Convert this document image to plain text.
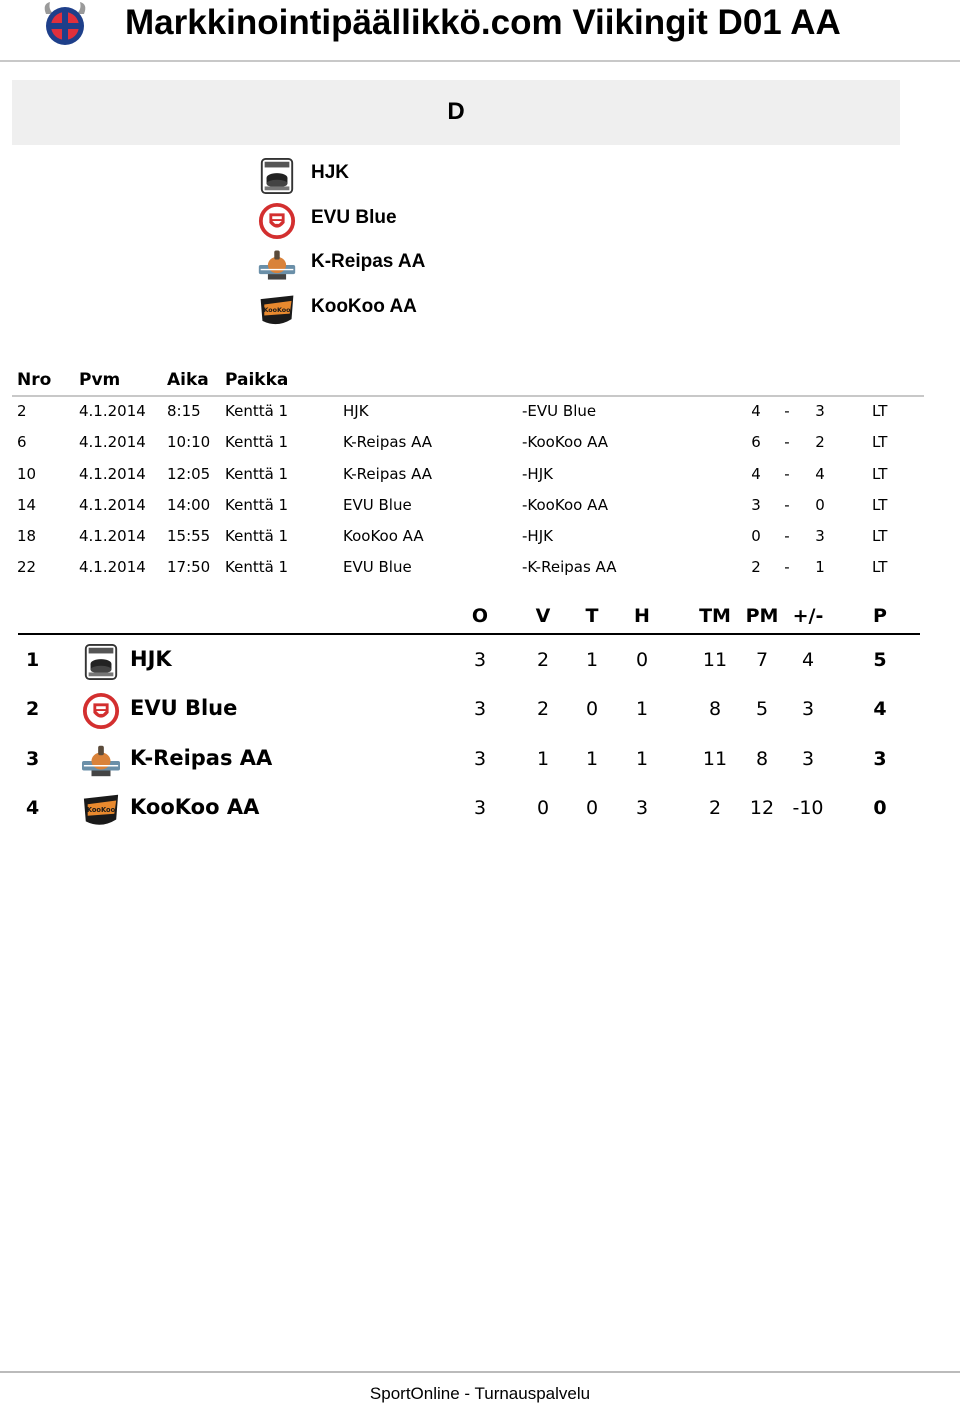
Markkinointipäällikkö.com Viikingit D01 AA
D
HJK
EVU Blue
K-Reipas AA
KooKoo AA
Nro Pvm	Aika Paikka
2	4.1.2014 8:15 Kenttä 1	HJK	-EVU Blue	4 - 3	LT
6	4.1.2014 10:10 Kenttä 1	K-Reipas AA	-KooKoo AA	6 - 2	LT
10	4.1.2014 12:05 Kenttä 1	K-Reipas AA	-HJK	4 - 4	LT
14	4.1.2014 14:00 Kenttä 1	EVU Blue	-KooKoo AA	3 - 0	LT
18	4.1.2014 15:55 Kenttä 1	KooKoo AA	-HJK	0 - 3	LT
22	4.1.2014 17:50 Kenttä 1	EVU Blue	-K-Reipas AA	2 - 1	LT
O	V T H	TM PM +/-	P
1	HJK	3	2	1	0	11	7	4	5
2	EVU Blue	3	2	0	1	8	5	3	4
3	K-Reipas AA	3	1	1	1	11	8	3	3
4	KooKoo AA	3	0	0	3	2	12 -10	0
SportOnline - Turnauspalvelu
